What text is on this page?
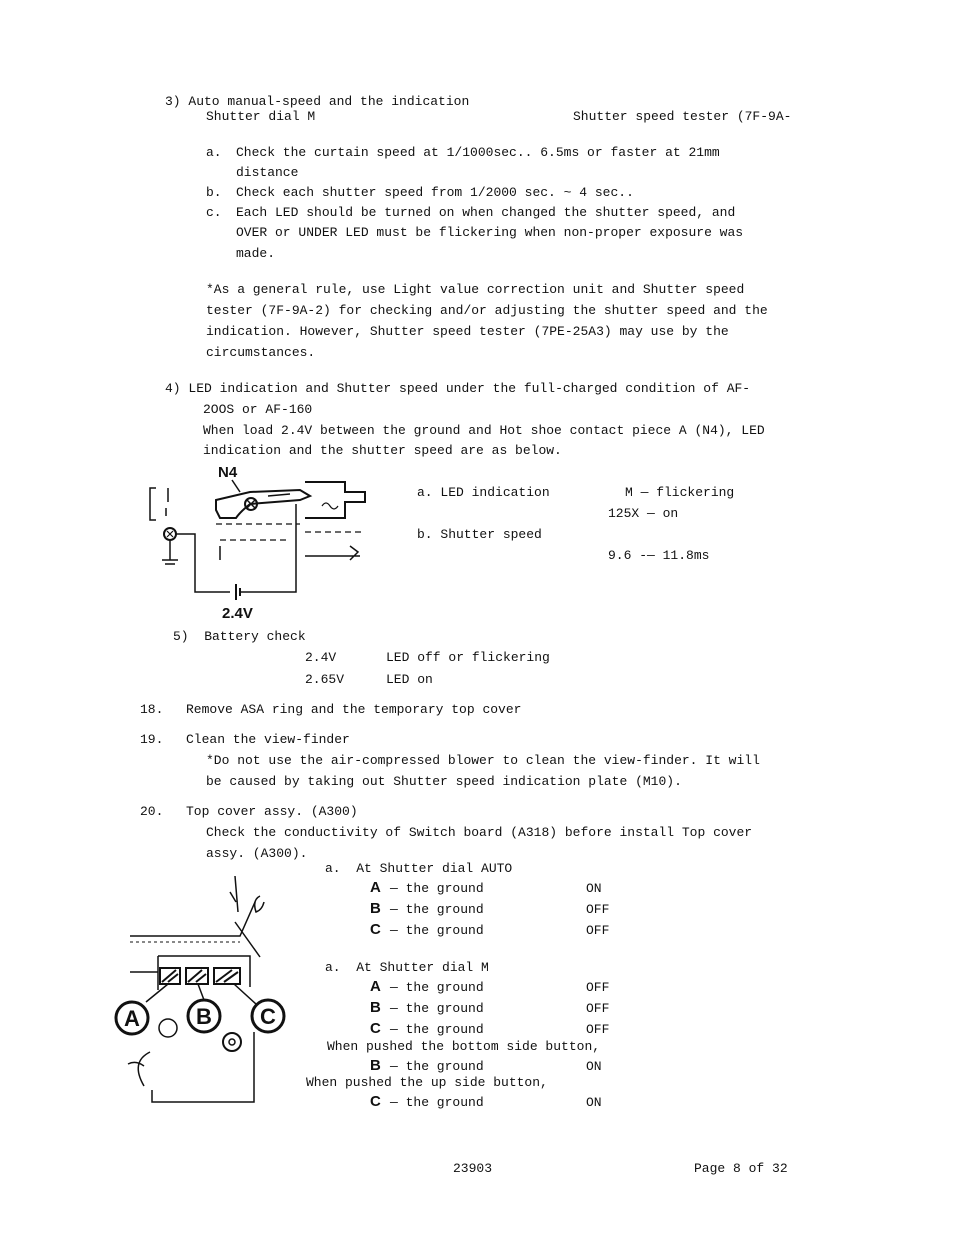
3) Auto manual-speed and the indication
Shutter dial M	Shutter speed tester (7F-9A-
a. Check the curtain speed at 1/1000sec.. 6.5ms or faster at 21mm
distance
b. Check each shutter speed from 1/2000 sec. ~ 4 sec..
c. Each LED should be turned on when changed the shutter speed, and
OVER or UNDER LED must be flickering when non-proper exposure was
made.
*As a general rule, use Light value correction unit and Shutter speed
tester (7F-9A-2) for checking and/or adjusting the shutter speed and the
indication. However, Shutter speed tester (7PE-25A3) may use by the
circumstances.
4) LED indication and Shutter speed under the full-charged condition of AF-
2OOS or AF-160
When load 2.4V between the ground and Hot shoe contact piece A (N4), LED
indication and the shutter speed are as below.
N4
2.4V
a. LED indication	M — flickering
125X — on
b. Shutter speed
9.6 -— 11.8ms
5)  Battery check
2.4V	LED off or flickering
2.65V	LED on
18. Remove ASA ring and the temporary top cover
19. Clean the view-finder
*Do not use the air-compressed blower to clean the view-finder. It will
be caused by taking out Shutter speed indication plate (M10).
20. Top cover assy. (A300)
Check the conductivity of Switch board (A318) before install Top cover
assy. (A300).
A	B C
a.  At Shutter dial AUTO
A — the ground	ON
B — the ground	OFF
C — the ground	OFF
a.  At Shutter dial M
A — the ground	OFF
B — the ground	OFF
C — the ground	OFF
When pushed the bottom side button,
B — the ground	ON
When pushed the up side button,
C — the ground	ON
23903	Page 8 of 32
